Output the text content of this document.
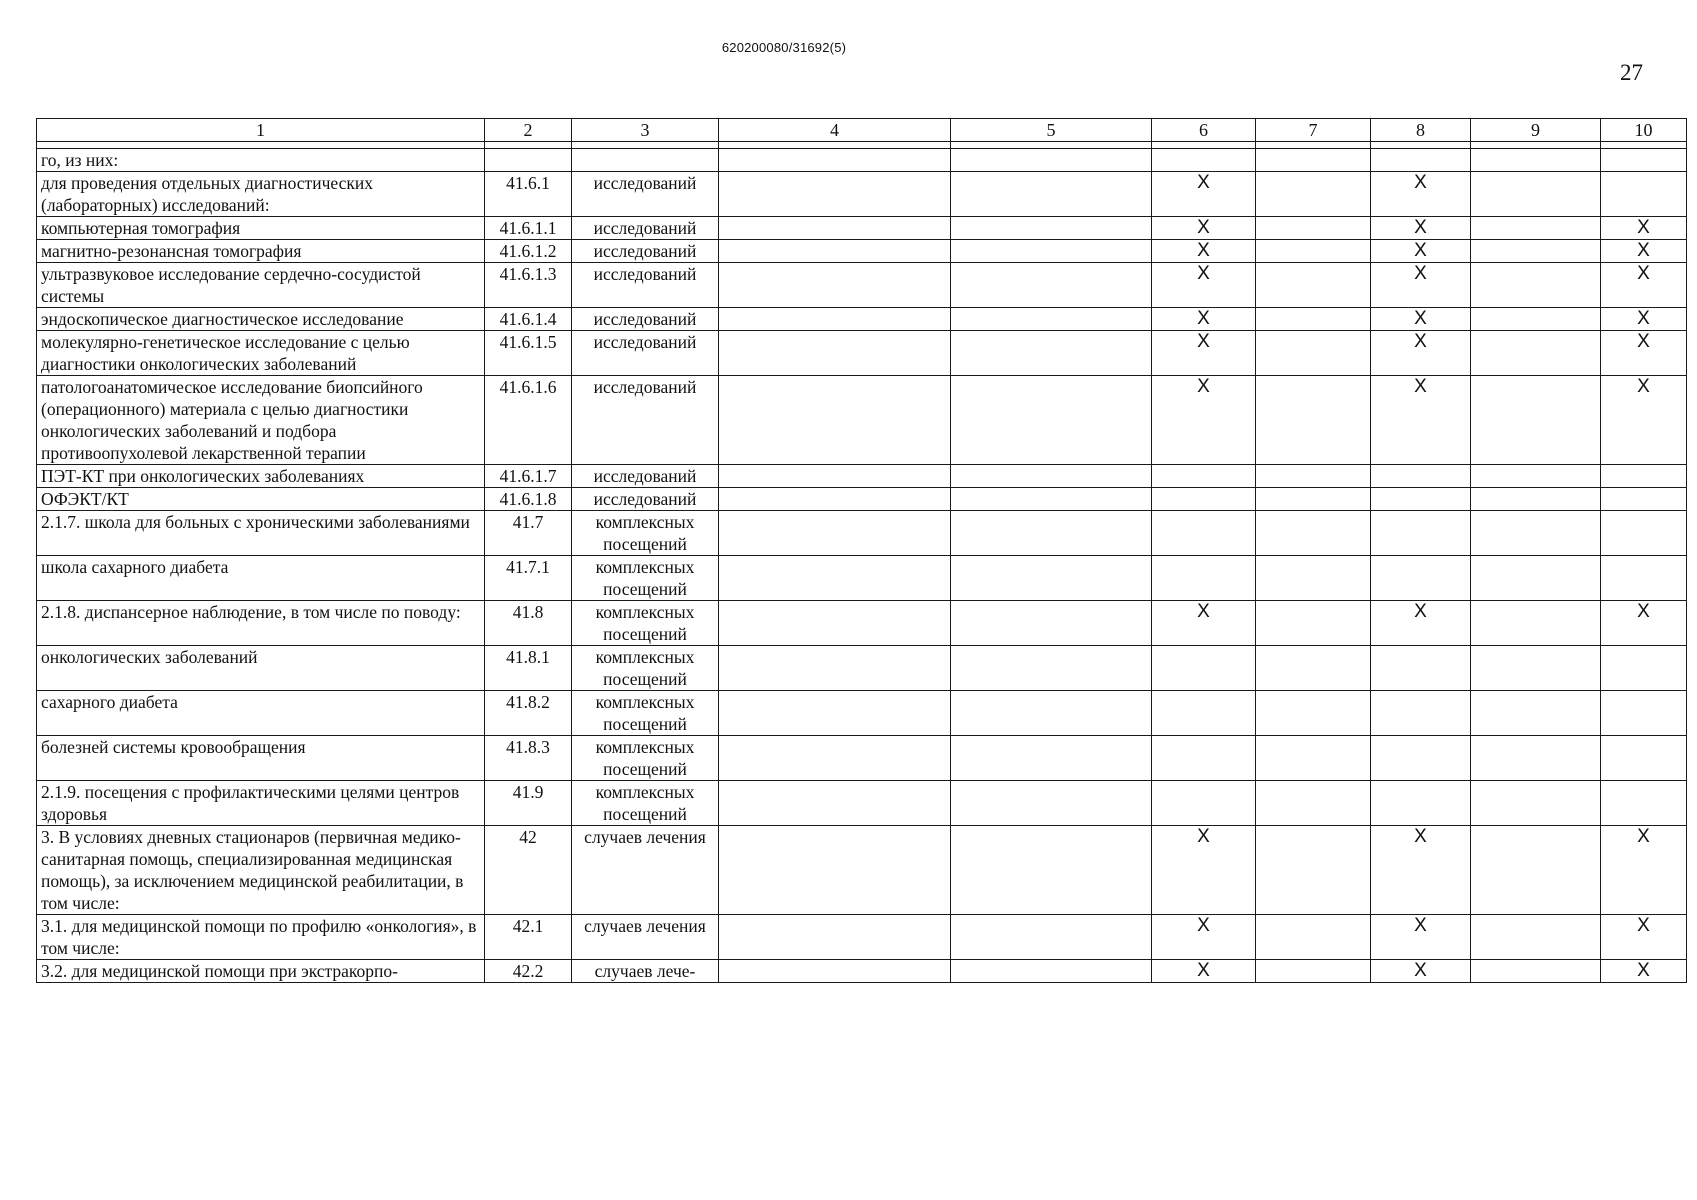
620200080/31692(5)
27
1	2	3	4	5	6	7	8	9	10

го, из них:									
для проведения отдельных диагностических (лабораторных) исследований:	41.6.1	исследований			X		X		
компьютерная томография	41.6.1.1	исследований			X		X		X
магнитно-резонансная томография	41.6.1.2	исследований			X		X		X
ультразвуковое исследование сердечно-сосудистой системы	41.6.1.3	исследований			X		X		X
эндоскопическое диагностическое исследование	41.6.1.4	исследований			X		X		X
молекулярно-генетическое исследование с целью диагностики онкологических заболеваний	41.6.1.5	исследований			X		X		X
патологоанатомическое исследование биопсийного (операционного) материала с целью диагностики онкологических заболеваний и подбора противоопухолевой лекарственной терапии	41.6.1.6	исследований			X		X		X
ПЭТ-КТ при онкологических заболеваниях	41.6.1.7	исследований							
ОФЭКТ/КТ	41.6.1.8	исследований							
2.1.7. школа для больных с хроническими заболеваниями	41.7	комплексных посещений							
школа сахарного диабета	41.7.1	комплексных посещений							
2.1.8. диспансерное наблюдение, в том числе по поводу:	41.8	комплексных посещений			X		X		X
онкологических заболеваний	41.8.1	комплексных посещений							
сахарного диабета	41.8.2	комплексных посещений							
болезней системы кровообращения	41.8.3	комплексных посещений							
2.1.9. посещения с профилактическими целями центров здоровья	41.9	комплексных посещений							
3. В условиях дневных стационаров (первичная медико-санитарная помощь, специализированная медицинская помощь), за исключением медицинской реабилитации, в том числе:	42	случаев лечения			X		X		X
3.1. для медицинской помощи по профилю «онкология», в том числе:	42.1	случаев лечения			X		X		X
3.2. для медицинской помощи при экстракорпо-	42.2	случаев лече-			X		X		X
